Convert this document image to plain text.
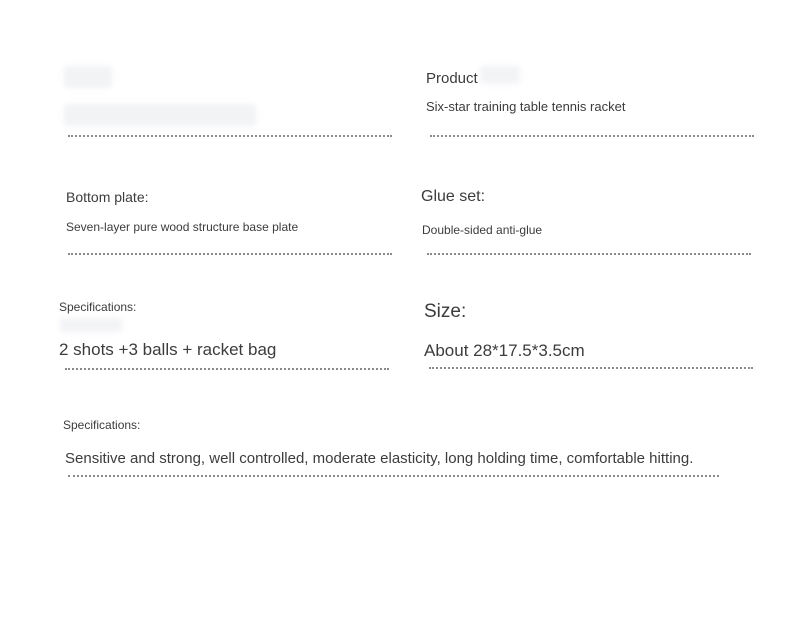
Product
Six-star training table tennis racket
Bottom plate:
Seven-layer pure wood structure base plate
Glue set:
Double-sided anti-glue
Specifications:
2 shots +3 balls + racket bag
Size:
About 28*17.5*3.5cm
Specifications:
Sensitive and strong, well controlled, moderate elasticity, long holding time, comfortable hitting.
